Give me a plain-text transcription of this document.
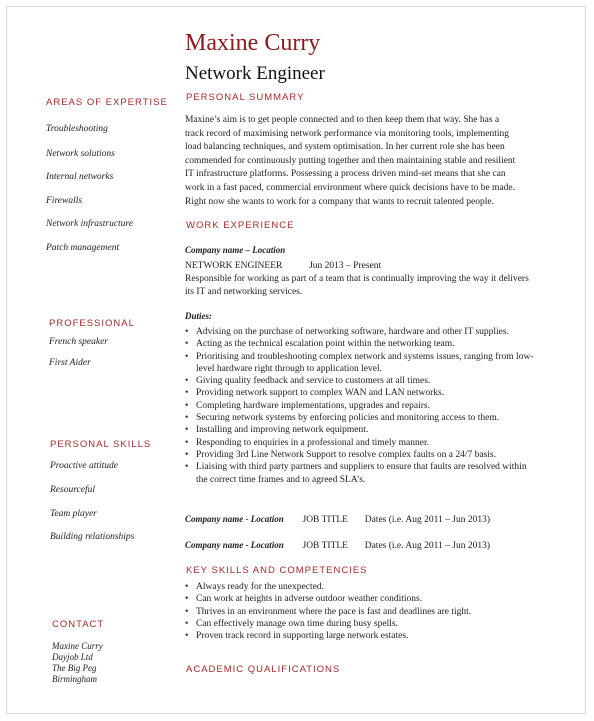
Maxine Curry
Network Engineer
AREAS OF EXPERTISE
Troubleshooting
Network solutions
Internal networks
Firewalls
Network infrastructure
Patch management
PROFESSIONAL
French speaker
First Aider
PERSONAL SKILLS
Proactive attitude
Resourceful
Team player
Building relationships
CONTACT
Maxine Curry
Dayjob Ltd
The Big Peg
Birmingham
PERSONAL SUMMARY
Maxine’s aim is to get people connected and to then keep them that way. She has a
track record of maximising network performance via monitoring tools, implementing
load balancing techniques, and system optimisation. In her current role she has been
commended for continuously putting together and then maintaining stable and resilient
IT infrastructure platforms. Possessing a process driven mind-set means that she can
work in a fast paced, commercial environment where quick decisions have to be made.
Right now she wants to work for a company that wants to recruit talented people.
WORK EXPERIENCE
Company name – Location
NETWORK ENGINEER	Jun 2013 – Present
Responsible for working as part of a team that is continually improving the way it delivers
its IT and networking services.
Duties:
• Advising on the purchase of networking software, hardware and other IT supplies.
• Acting as the technical escalation point within the networking team.
• Prioritising and troubleshooting complex network and systems issues, ranging from low-level hardware right through to application level.
• Giving quality feedback and service to customers at all times.
• Providing network support to complex WAN and LAN networks.
• Completing hardware implementations, upgrades and repairs.
• Securing network systems by enforcing policies and monitoring access to them.
• Installing and improving network equipment.
• Responding to enquiries in a professional and timely manner.
• Providing 3rd Line Network Support to resolve complex faults on a 24/7 basis.
• Liaising with third party partners and suppliers to ensure that faults are resolved within the correct time frames and to agreed SLA’s.
Company name - Location JOB TITLE Dates (i.e. Aug 2011 – Jun 2013)
Company name - Location JOB TITLE Dates (i.e. Aug 2011 – Jun 2013)
KEY SKILLS AND COMPETENCIES
• Always ready for the unexpected.
• Can work at heights in adverse outdoor weather conditions.
• Thrives in an environment where the pace is fast and deadlines are tight.
• Can effectively manage own time during busy spells.
• Proven track record in supporting large network estates.
ACADEMIC QUALIFICATIONS
